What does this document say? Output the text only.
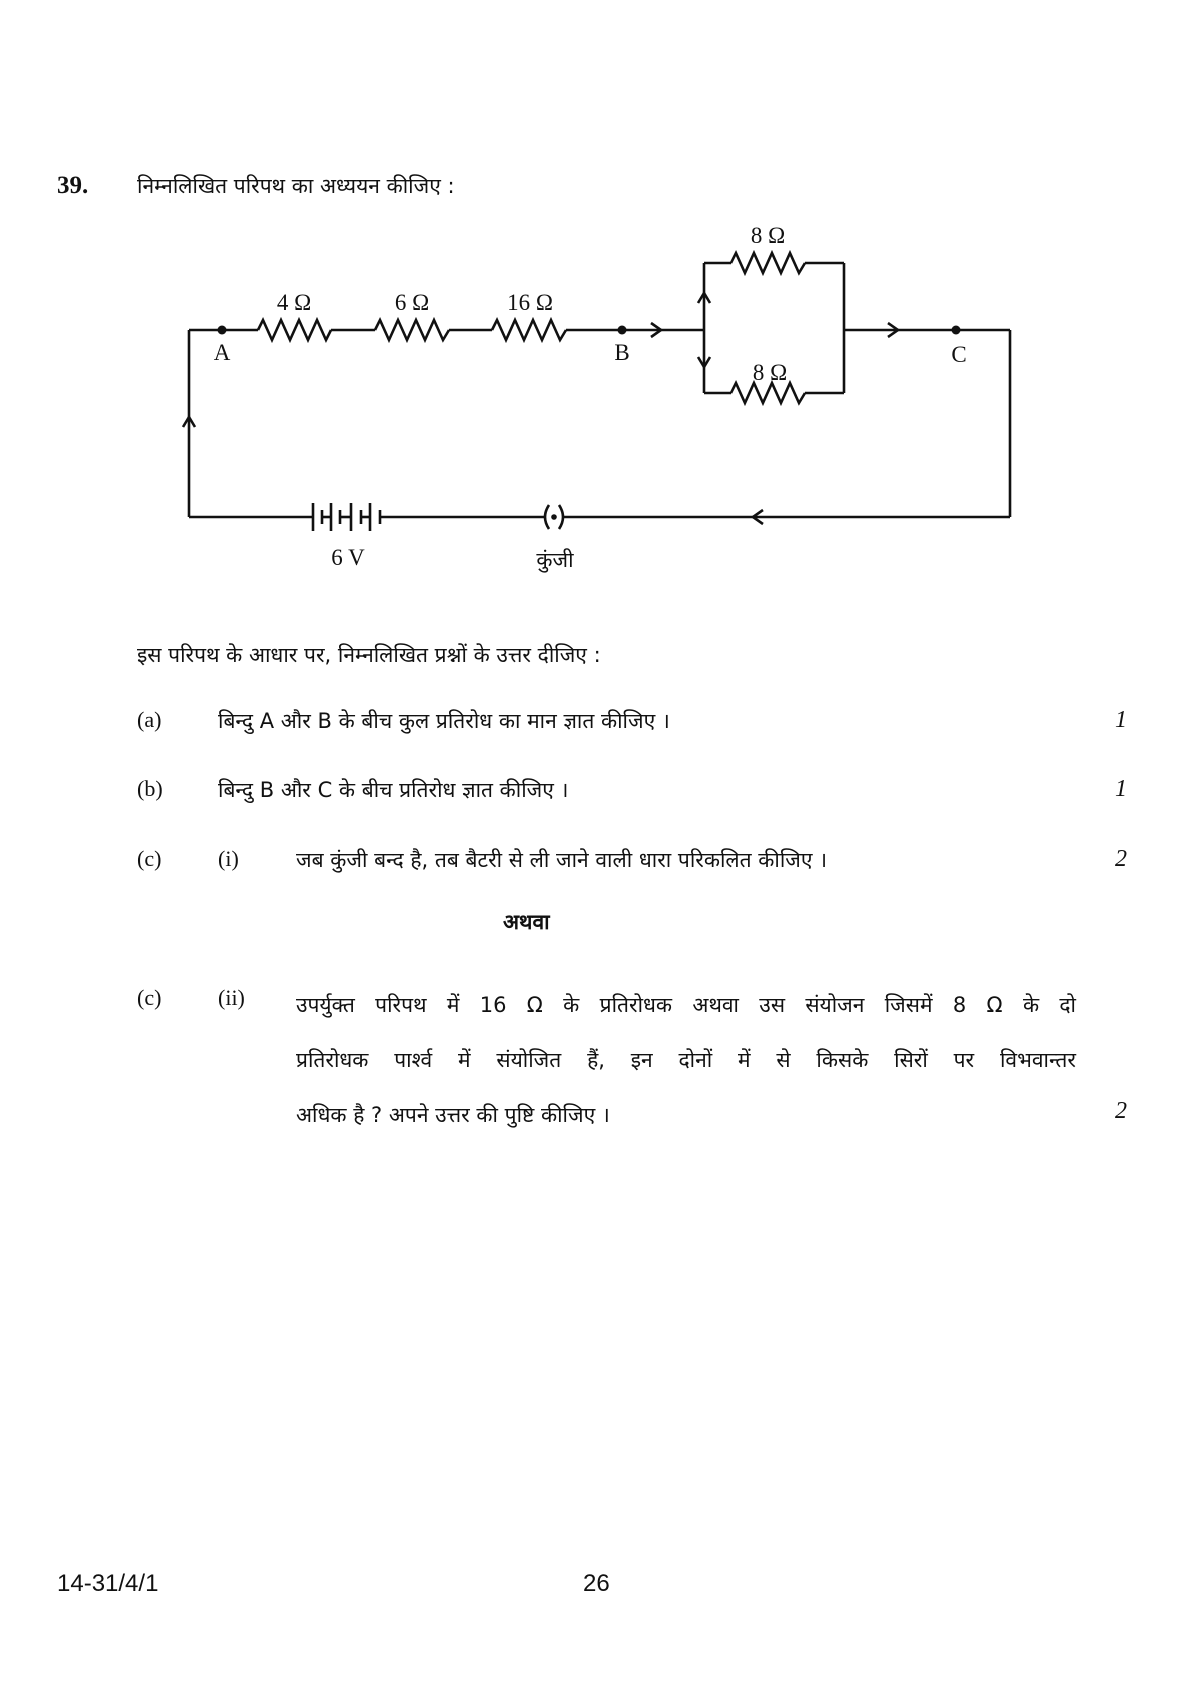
39. निम्नलिखित परिपथ का अध्ययन कीजिए :
4 Ω	6 Ω	16 Ω
8 Ω
8 Ω
A	B	C
6 V	कुंजी
इस परिपथ के आधार पर, निम्नलिखित प्रश्नों के उत्तर दीजिए :
(a)	बिन्दु A और B के बीच कुल प्रतिरोध का मान ज्ञात कीजिए ।	1
(b)	बिन्दु B और C के बीच प्रतिरोध ज्ञात कीजिए ।	1
(c)	(i)	जब कुंजी बन्द है, तब बैटरी से ली जाने वाली धारा परिकलित कीजिए ।	2
अथवा
(c)	(ii) उपर्युक्त परिपथ में 16 Ω के प्रतिरोधक अथवा उस संयोजन जिसमें 8 Ω के दो
प्रतिरोधक पार्श्व में संयोजित हैं, इन दोनों में से किसके सिरों पर विभवान्तर
अधिक है ? अपने उत्तर की पुष्टि कीजिए ।	2
14-31/4/1	26
